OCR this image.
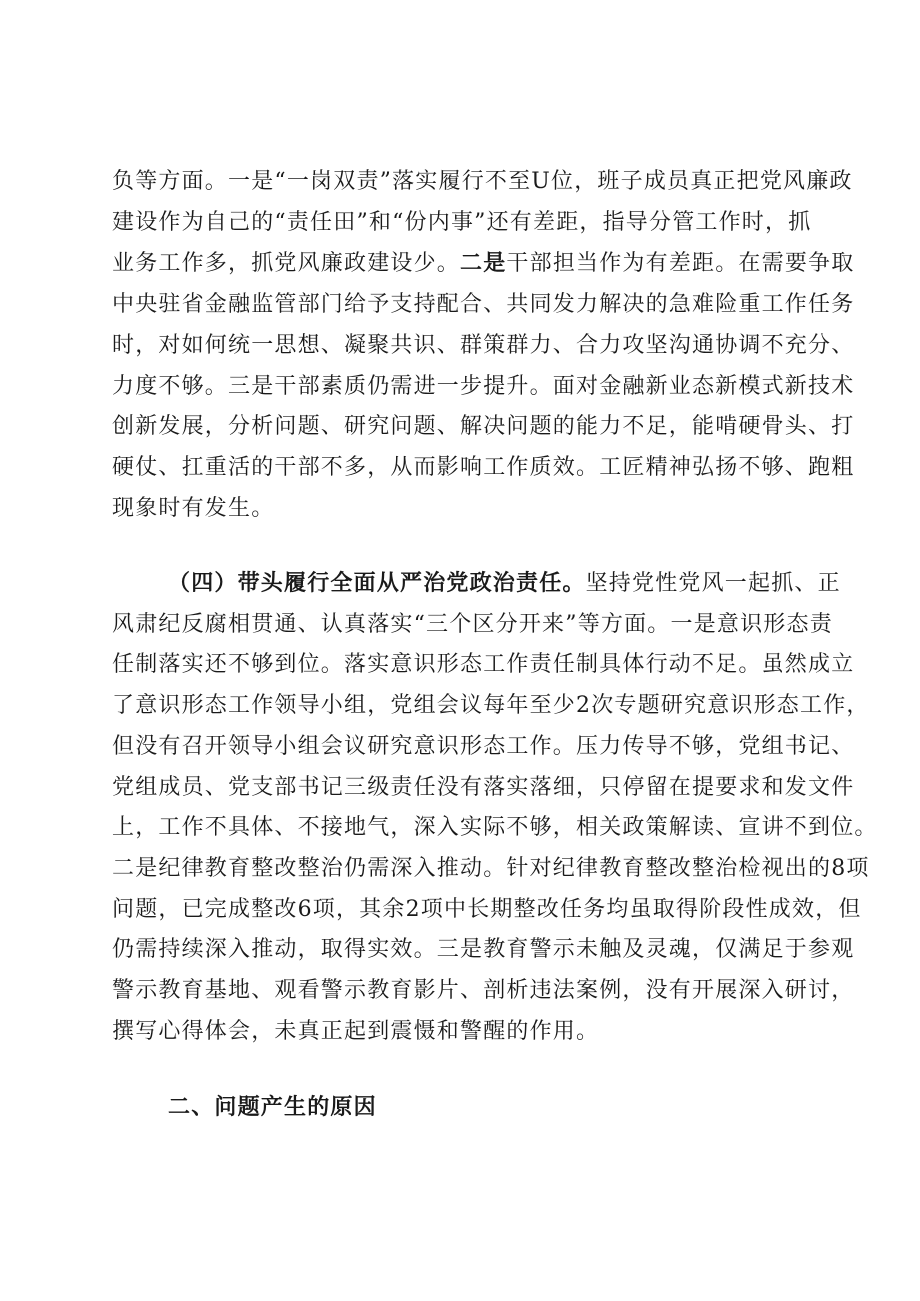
负等方面。一是“一岗双责”落实履行不至U位，班子成员真正把党风廉政
建设作为自己的“责任田”和“份内事”还有差距，指导分管工作时，抓
业务工作多，抓党风廉政建设少。二是干部担当作为有差距。在需要争取
中央驻省金融监管部门给予支持配合、共同发力解决的急难险重工作任务
时，对如何统一思想、凝聚共识、群策群力、合力攻坚沟通协调不充分、
力度不够。三是干部素质仍需进一步提升。面对金融新业态新模式新技术
创新发展，分析问题、研究问题、解决问题的能力不足，能啃硬骨头、打
硬仗、扛重活的干部不多，从而影响工作质效。工匠精神弘扬不够、跑粗
现象时有发生。
（四）带头履行全面从严治党政治责任。坚持党性党风一起抓、正
风肃纪反腐相贯通、认真落实“三个区分开来”等方面。一是意识形态责
任制落实还不够到位。落实意识形态工作责任制具体行动不足。虽然成立
了意识形态工作领导小组，党组会议每年至少2次专题研究意识形态工作，
但没有召开领导小组会议研究意识形态工作。压力传导不够，党组书记、
党组成员、党支部书记三级责任没有落实落细，只停留在提要求和发文件
上，工作不具体、不接地气，深入实际不够，相关政策解读、宣讲不到位。
二是纪律教育整改整治仍需深入推动。针对纪律教育整改整治检视出的8项
问题，已完成整改6项，其余2项中长期整改任务均虽取得阶段性成效，但
仍需持续深入推动，取得实效。三是教育警示未触及灵魂，仅满足于参观
警示教育基地、观看警示教育影片、剖析违法案例，没有开展深入研讨，
撰写心得体会，未真正起到震慑和警醒的作用。
二、问题产生的原因
